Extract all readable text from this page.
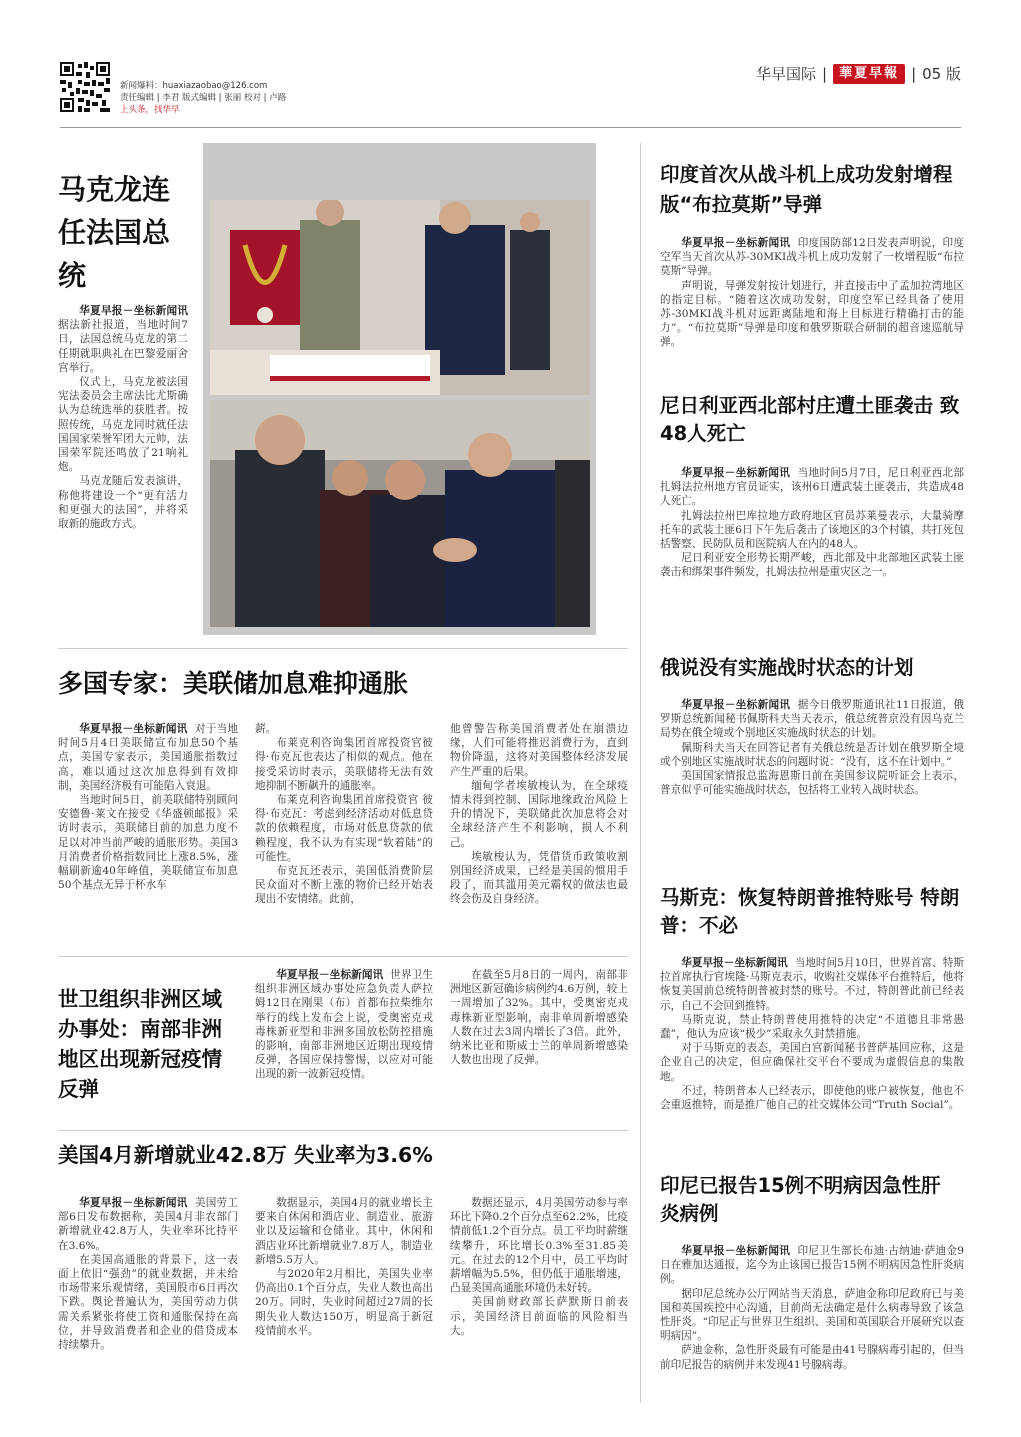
新闻爆料：huaxiazaobao@126.com
责任编辑 | 李君 版式编辑 | 张丽 校对 | 卢路
上头条，找华早
华早国际 | 華夏早報 | 05 版
马克龙连任法国总统

华夏早报－坐标新闻讯据法新社报道，当地时间7日，法国总统马克龙的第二任期就职典礼在巴黎爱丽舍宫举行。

仪式上，马克龙被法国宪法委员会主席法比尤斯确认为总统选举的获胜者。按照传统，马克龙同时就任法国国家荣誉军团大元帅，法国荣军院还鸣放了21响礼炮。

马克龙随后发表演讲，称他将建设一个“更有活力和更强大的法国”，并将采取新的施政方式。

印度首次从战斗机上成功发射增程版“布拉莫斯”导弹

华夏早报－坐标新闻讯 印度国防部12日发表声明说，印度空军当天首次从苏-30MKI战斗机上成功发射了一枚增程版“布拉莫斯”导弹。

声明说，导弹发射按计划进行，并直接击中了孟加拉湾地区的指定目标。“随着这次成功发射，印度空军已经具备了使用苏-30MKI战斗机对远距离陆地和海上目标进行精确打击的能力”。“布拉莫斯”导弹是印度和俄罗斯联合研制的超音速巡航导弹。

尼日利亚西北部村庄遭土匪袭击 致48人死亡

华夏早报－坐标新闻讯 当地时间5月7日，尼日利亚西北部扎姆法拉州地方官员证实，该州6日遭武装土匪袭击，共造成48人死亡。

扎姆法拉州巴库拉地方政府地区官员苏莱曼表示，大量骑摩托车的武装土匪6日下午先后袭击了该地区的3个村镇，共打死包括警察、民防队员和医院病人在内的48人。

尼日利亚安全形势长期严峻，西北部及中北部地区武装土匪袭击和绑架事件频发，扎姆法拉州是重灾区之一。

俄说没有实施战时状态的计划

华夏早报－坐标新闻讯 据今日俄罗斯通讯社11日报道，俄罗斯总统新闻秘书佩斯科夫当天表示，俄总统普京没有因乌克兰局势在俄全境或个别地区实施战时状态的计划。

佩斯科夫当天在回答记者有关俄总统是否计划在俄罗斯全境或个别地区实施战时状态的问题时说：“没有，这不在计划中。”

美国国家情报总监海恩斯日前在美国参议院听证会上表示，普京似乎可能实施战时状态，包括将工业转入战时状态。

马斯克：恢复特朗普推特账号 特朗普：不必

华夏早报－坐标新闻讯 当地时间5月10日，世界首富、特斯拉首席执行官埃隆·马斯克表示，收购社交媒体平台推特后，他将恢复美国前总统特朗普被封禁的账号。不过，特朗普此前已经表示，自己不会回到推特。

马斯克说，禁止特朗普使用推特的决定“不道德且非常愚蠢”，他认为应该“极少”采取永久封禁措施。

对于马斯克的表态，美国白宫新闻秘书普萨基回应称，这是企业自己的决定，但应确保社交平台不要成为虚假信息的集散地。

不过，特朗普本人已经表示，即使他的账户被恢复，他也不会重返推特，而是推广他自己的社交媒体公司“Truth Social”。

印尼已报告15例不明病因急性肝炎病例

华夏早报－坐标新闻讯 印尼卫生部长布迪·古纳迪·萨迪金9日在雅加达通报，迄今为止该国已报告15例不明病因急性肝炎病例。

据印尼总统办公厅网站当天消息，萨迪金称印尼政府已与美国和英国疾控中心沟通，目前尚无法确定是什么病毒导致了该急性肝炎。“印尼正与世界卫生组织、美国和英国联合开展研究以查明病因”。

萨迪金称，急性肝炎最有可能是由41号腺病毒引起的，但当前印尼报告的病例并未发现41号腺病毒。

多国专家：美联储加息难抑通胀

华夏早报－坐标新闻讯 对于当地时间5月4日美联储宣布加息50个基点，美国专家表示，美国通胀指数过高，难以通过这次加息得到有效抑制，美国经济极有可能陷入衰退。

当地时间5日，前美联储特别顾问安德鲁·莱文在接受《华盛顿邮报》采访时表示，美联储目前的加息力度不足以对冲当前严峻的通胀形势。美国3月消费者价格指数同比上涨8.5%，涨幅刷新逾40年峰值，美联储宣布加息50个基点无异于杯水车

薪。

布莱克利咨询集团首席投资官彼得·布克瓦也表达了相似的观点。他在接受采访时表示，美联储将无法有效地抑制不断飙升的通胀率。

布莱克利咨询集团首席投资官 彼得·布克瓦：考虑到经济活动对低息贷款的依赖程度，市场对低息贷款的依赖程度，我不认为有实现“软着陆”的可能性。

布克瓦还表示，美国低消费阶层民众面对不断上涨的物价已经开始表现出不安情绪。此前，

他曾警告称美国消费者处在崩溃边缘，人们可能将推迟消费行为，直到物价降温，这将对美国整体经济发展产生严重的后果。

缅甸学者埃敏梭认为，在全球疫情未得到控制、国际地缘政治风险上升的情况下，美联储此次加息将会对全球经济产生不利影响，损人不利己。

埃敏梭认为，凭借货币政策收割别国经济成果，已经是美国的惯用手段了，而其滥用美元霸权的做法也最终会伤及自身经济。

世卫组织非洲区域办事处：南部非洲地区出现新冠疫情反弹

华夏早报－坐标新闻讯 世界卫生组织非洲区域办事处应急负责人萨拉姆12日在刚果（布）首都布拉柴维尔举行的线上发布会上说，受奥密克戎毒株新亚型和非洲多国放松防控措施的影响，南部非洲地区近期出现疫情反弹，各国应保持警惕，以应对可能出现的新一波新冠疫情。

在截至5月8日的一周内，南部非洲地区新冠确诊病例约4.6万例，较上一周增加了32%。其中，受奥密克戎毒株新亚型影响，南非单周新增感染人数在过去3周内增长了3倍。此外，纳米比亚和斯威士兰的单周新增感染人数也出现了反弹。

美国4月新增就业42.8万 失业率为3.6%

华夏早报－坐标新闻讯 美国劳工部6日发布数据称，美国4月非农部门新增就业42.8万人，失业率环比持平在3.6%。

在美国高通胀的背景下，这一表面上依旧“强劲”的就业数据，并未给市场带来乐观情绪，美国股市6日再次下跌。舆论普遍认为，美国劳动力供需关系紧张将使工资和通胀保持在高位，并导致消费者和企业的借贷成本持续攀升。

数据显示，美国4月的就业增长主要来自休闲和酒店业、制造业、旅游业以及运输和仓储业。其中，休闲和酒店业环比新增就业7.8万人，制造业新增5.5万人。

与2020年2月相比，美国失业率仍高出0.1个百分点，失业人数也高出20万。同时，失业时间超过27周的长期失业人数达150万，明显高于新冠疫情前水平。

数据还显示，4月美国劳动参与率环比下降0.2个百分点至62.2%，比疫情前低1.2个百分点。员工平均时薪继续攀升，环比增长0.3%至31.85美元。在过去的12个月中，员工平均时薪增幅为5.5%，但仍低于通胀增速，凸显美国高通胀环境仍未好转。

美国前财政部长萨默斯日前表示，美国经济目前面临的风险相当大。
